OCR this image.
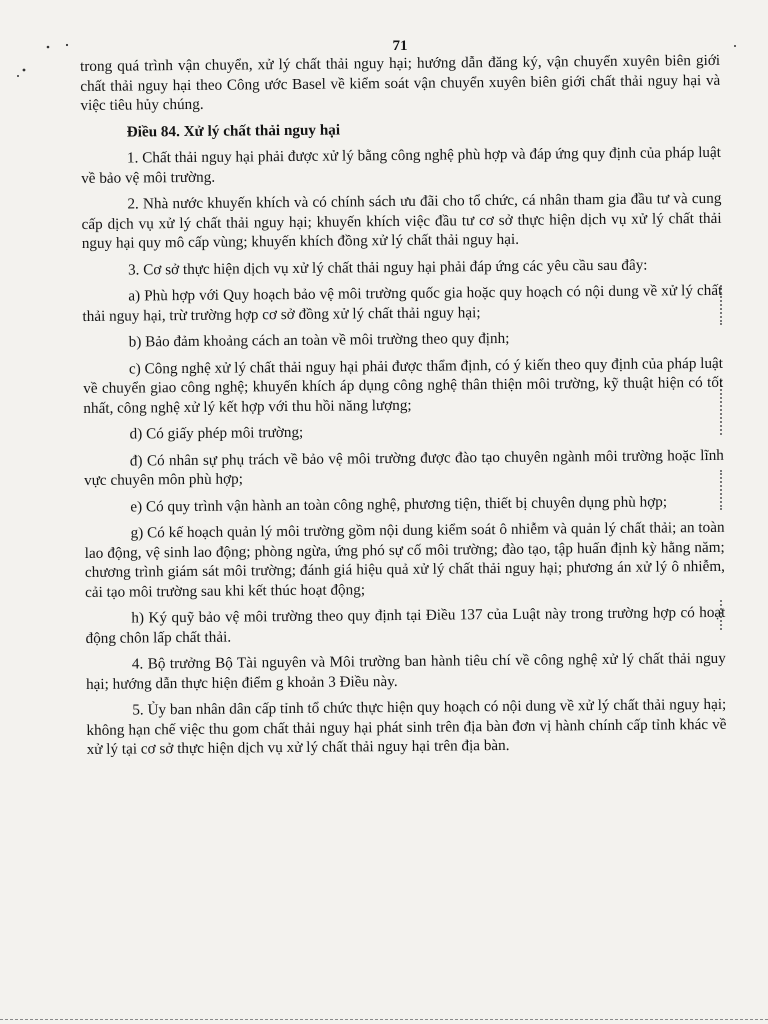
71

trong quá trình vận chuyển, xử lý chất thải nguy hại; hướng dẫn đăng ký, vận chuyển xuyên biên giới chất thải nguy hại theo Công ước Basel về kiểm soát vận chuyển xuyên biên giới chất thải nguy hại và việc tiêu hủy chúng.

Điều 84. Xử lý chất thải nguy hại

1. Chất thải nguy hại phải được xử lý bằng công nghệ phù hợp và đáp ứng quy định của pháp luật về bảo vệ môi trường.

2. Nhà nước khuyến khích và có chính sách ưu đãi cho tổ chức, cá nhân tham gia đầu tư và cung cấp dịch vụ xử lý chất thải nguy hại; khuyến khích việc đầu tư cơ sở thực hiện dịch vụ xử lý chất thải nguy hại quy mô cấp vùng; khuyến khích đồng xử lý chất thải nguy hại.

3. Cơ sở thực hiện dịch vụ xử lý chất thải nguy hại phải đáp ứng các yêu cầu sau đây:

a) Phù hợp với Quy hoạch bảo vệ môi trường quốc gia hoặc quy hoạch có nội dung về xử lý chất thải nguy hại, trừ trường hợp cơ sở đồng xử lý chất thải nguy hại;

b) Bảo đảm khoảng cách an toàn về môi trường theo quy định;

c) Công nghệ xử lý chất thải nguy hại phải được thẩm định, có ý kiến theo quy định của pháp luật về chuyển giao công nghệ; khuyến khích áp dụng công nghệ thân thiện môi trường, kỹ thuật hiện có tốt nhất, công nghệ xử lý kết hợp với thu hồi năng lượng;

d) Có giấy phép môi trường;

đ) Có nhân sự phụ trách về bảo vệ môi trường được đào tạo chuyên ngành môi trường hoặc lĩnh vực chuyên môn phù hợp;

e) Có quy trình vận hành an toàn công nghệ, phương tiện, thiết bị chuyên dụng phù hợp;

g) Có kế hoạch quản lý môi trường gồm nội dung kiểm soát ô nhiễm và quản lý chất thải; an toàn lao động, vệ sinh lao động; phòng ngừa, ứng phó sự cố môi trường; đào tạo, tập huấn định kỳ hằng năm; chương trình giám sát môi trường; đánh giá hiệu quả xử lý chất thải nguy hại; phương án xử lý ô nhiễm, cải tạo môi trường sau khi kết thúc hoạt động;

h) Ký quỹ bảo vệ môi trường theo quy định tại Điều 137 của Luật này trong trường hợp có hoạt động chôn lấp chất thải.

4. Bộ trưởng Bộ Tài nguyên và Môi trường ban hành tiêu chí về công nghệ xử lý chất thải nguy hại; hướng dẫn thực hiện điểm g khoản 3 Điều này.

5. Ủy ban nhân dân cấp tỉnh tổ chức thực hiện quy hoạch có nội dung về xử lý chất thải nguy hại; không hạn chế việc thu gom chất thải nguy hại phát sinh trên địa bàn đơn vị hành chính cấp tỉnh khác về xử lý tại cơ sở thực hiện dịch vụ xử lý chất thải nguy hại trên địa bàn.
